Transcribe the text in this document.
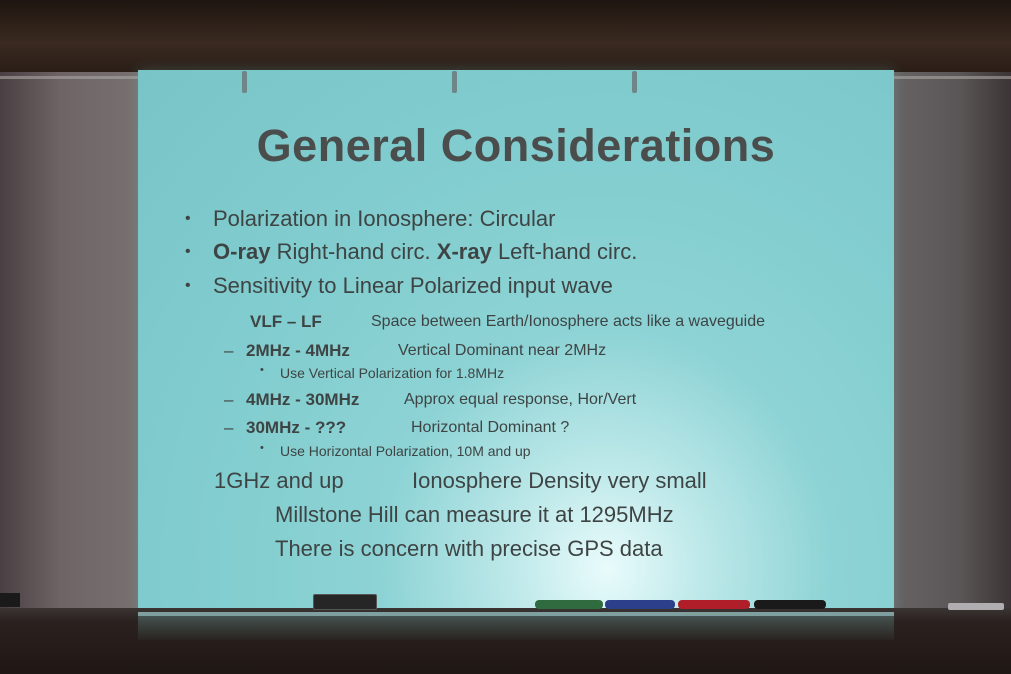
General Considerations
• Polarization in Ionosphere: Circular
• O-ray Right-hand circ. X-ray Left-hand circ.
• Sensitivity to Linear Polarized input wave
VLF – LF	Space between Earth/Ionosphere acts like a waveguide
– 2MHz - 4MHz	Vertical Dominant near 2MHz
• Use Vertical Polarization for 1.8MHz
– 4MHz - 30MHz	Approx equal response, Hor/Vert
– 30MHz - ???	Horizontal Dominant ?
• Use Horizontal Polarization, 10M and up
1GHz and up	Ionosphere Density very small
Millstone Hill can measure it at 1295MHz
There is concern with precise GPS data
